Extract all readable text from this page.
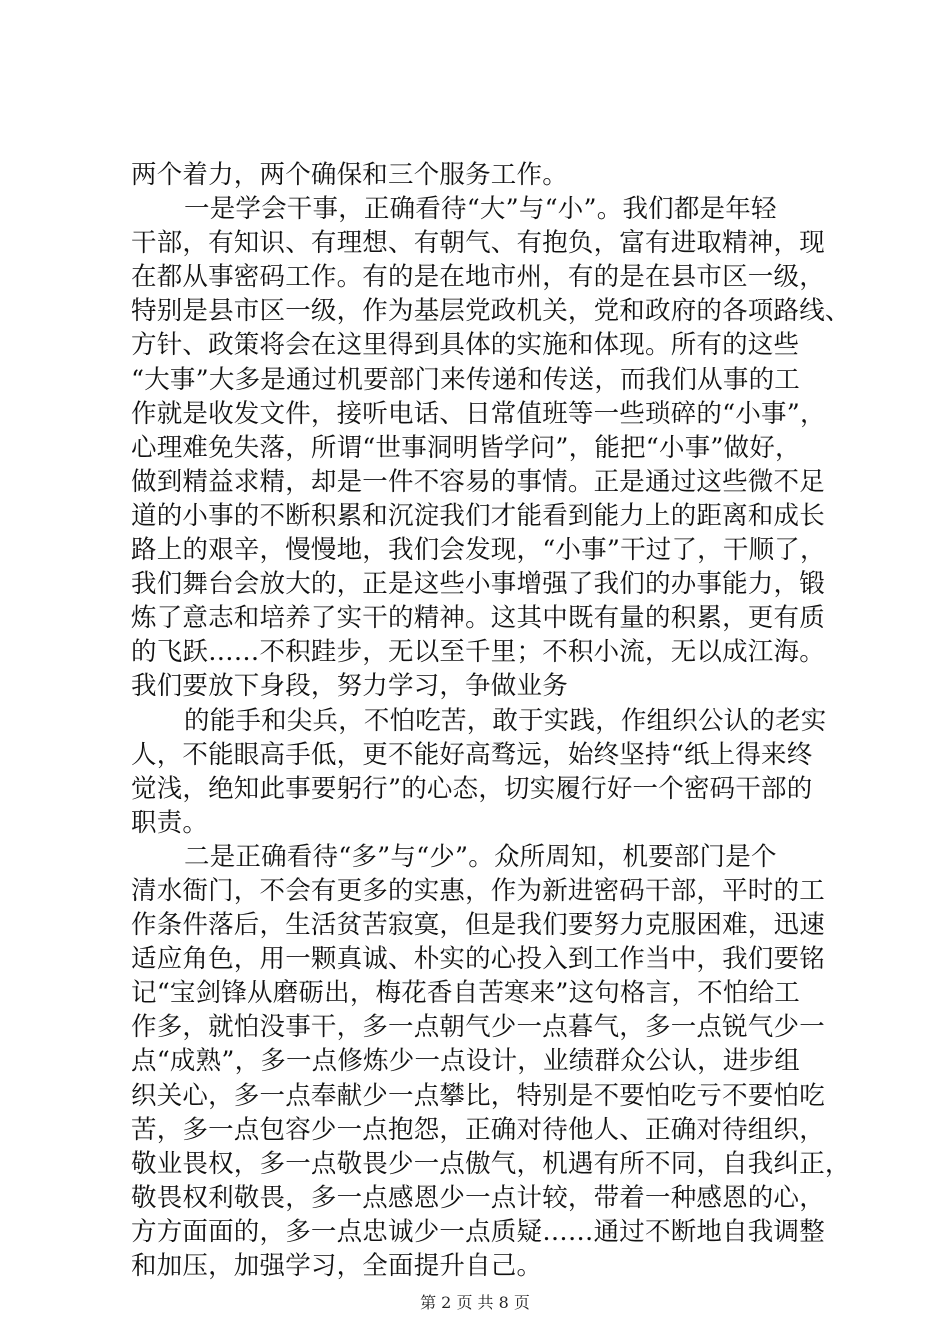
两个着力，两个确保和三个服务工作。
一是学会干事，正确看待“大”与“小”。我们都是年轻
干部，有知识、有理想、有朝气、有抱负，富有进取精神，现
在都从事密码工作。有的是在地市州，有的是在县市区一级，
特别是县市区一级，作为基层党政机关，党和政府的各项路线、
方针、政策将会在这里得到具体的实施和体现。所有的这些
“大事”大多是通过机要部门来传递和传送，而我们从事的工
作就是收发文件，接听电话、日常值班等一些琐碎的“小事”，
心理难免失落，所谓“世事洞明皆学问”，能把“小事”做好，
做到精益求精，却是一件不容易的事情。正是通过这些微不足
道的小事的不断积累和沉淀我们才能看到能力上的距离和成长
路上的艰辛，慢慢地，我们会发现，“小事”干过了，干顺了，
我们舞台会放大的，正是这些小事增强了我们的办事能力，锻
炼了意志和培养了实干的精神。这其中既有量的积累，更有质
的飞跃……不积跬步，无以至千里；不积小流，无以成江海。
我们要放下身段，努力学习，争做业务
的能手和尖兵，不怕吃苦，敢于实践，作组织公认的老实
人，不能眼高手低，更不能好高骛远，始终坚持“纸上得来终
觉浅，绝知此事要躬行”的心态，切实履行好一个密码干部的
职责。
二是正确看待“多”与“少”。众所周知，机要部门是个
清水衙门，不会有更多的实惠，作为新进密码干部，平时的工
作条件落后，生活贫苦寂寞，但是我们要努力克服困难，迅速
适应角色，用一颗真诚、朴实的心投入到工作当中，我们要铭
记“宝剑锋从磨砺出，梅花香自苦寒来”这句格言，不怕给工
作多，就怕没事干，多一点朝气少一点暮气，多一点锐气少一
点“成熟”，多一点修炼少一点设计，业绩群众公认，进步组
织关心，多一点奉献少一点攀比，特别是不要怕吃亏不要怕吃
苦，多一点包容少一点抱怨，正确对待他人、正确对待组织，
敬业畏权，多一点敬畏少一点傲气，机遇有所不同，自我纠正，
敬畏权利敬畏，多一点感恩少一点计较，带着一种感恩的心，
方方面面的，多一点忠诚少一点质疑……通过不断地自我调整
和加压，加强学习，全面提升自己。
第 2 页 共 8 页
